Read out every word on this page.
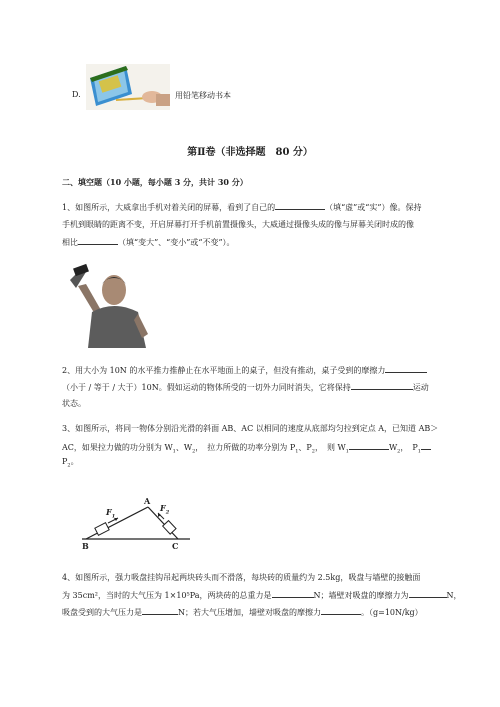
D.	用铅笔移动书本
第Ⅱ卷（非选择题　80 分）
二、填空题（10 小题，每小题 3 分，共计 30 分）
1、如图所示，大威拿出手机对着关闭的屏幕，看到了自己的	（填“虚”或“实”）像。保持
手机到眼睛的距离不变，开启屏幕打开手机前置摄像头，大威通过摄像头成的像与屏幕关闭时成的像
相比	（填“变大”、“变小”或“不变”）。
2、用大小为 10N 的水平推力推静止在水平地面上的桌子，但没有推动，桌子受到的摩擦力
（小于 / 等于 / 大于）10N。假如运动的物体所受的一切外力同时消失，它将保持	运动
状态。
3、如图所示，将同一物体分别沿光滑的斜面 AB、AC 以相同的速度从底部均匀拉到定点 A，已知道 AB＞
AC，如果拉力做的功分别为 $W_1$、$W_2$，　拉力所做的功率分别为 $P_1$、$P_2$，　则 $W_1$	$W_2$，　$P_1$
$P_2$。
A
B	C
$F_1$
$F_2$
4、如图所示，强力吸盘挂钩吊起两块砖头而不滑落，每块砖的质量约为 2.5kg，吸盘与墙壁的接触面
为 35cm²，当时的大气压为 1×10⁵Pa，两块砖的总重力是	N；墙壁对吸盘的摩擦力为	N，
吸盘受到的大气压力是	N；若大气压增加，墙壁对吸盘的摩擦力	。（g=10N/kg）
